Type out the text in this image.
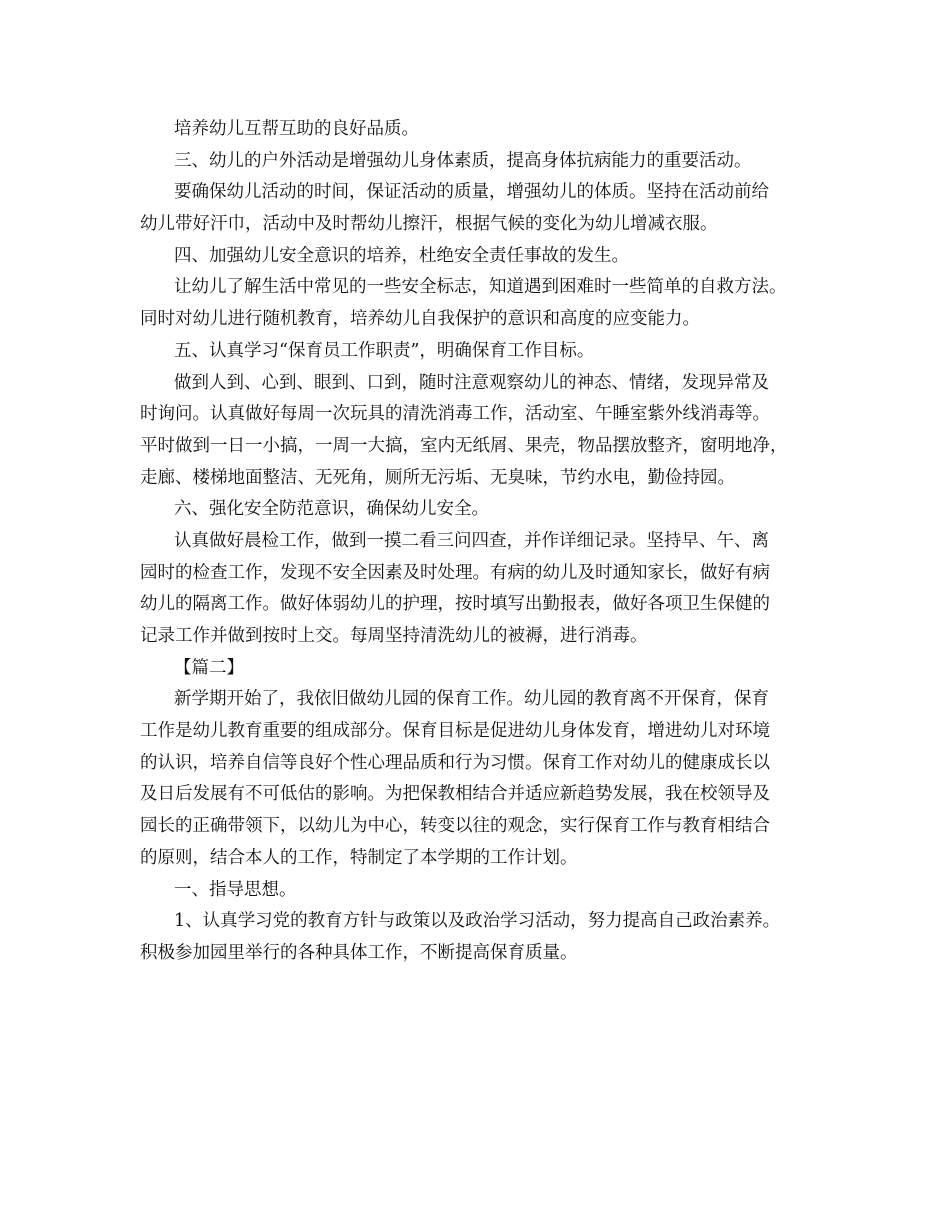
培养幼儿互帮互助的良好品质。
三、幼儿的户外活动是增强幼儿身体素质，提高身体抗病能力的重要活动。
要确保幼儿活动的时间，保证活动的质量，增强幼儿的体质。坚持在活动前给
幼儿带好汗巾，活动中及时帮幼儿擦汗，根据气候的变化为幼儿增减衣服。
四、加强幼儿安全意识的培养，杜绝安全责任事故的发生。
让幼儿了解生活中常见的一些安全标志，知道遇到困难时一些简单的自救方法。
同时对幼儿进行随机教育，培养幼儿自我保护的意识和高度的应变能力。
五、认真学习“保育员工作职责”，明确保育工作目标。
做到人到、心到、眼到、口到，随时注意观察幼儿的神态、情绪，发现异常及
时询问。认真做好每周一次玩具的清洗消毒工作，活动室、午睡室紫外线消毒等。
平时做到一日一小搞，一周一大搞，室内无纸屑、果壳，物品摆放整齐，窗明地净，
走廊、楼梯地面整洁、无死角，厕所无污垢、无臭味，节约水电，勤俭持园。
六、强化安全防范意识，确保幼儿安全。
认真做好晨检工作，做到一摸二看三问四查，并作详细记录。坚持早、午、离
园时的检查工作，发现不安全因素及时处理。有病的幼儿及时通知家长，做好有病
幼儿的隔离工作。做好体弱幼儿的护理，按时填写出勤报表，做好各项卫生保健的
记录工作并做到按时上交。每周坚持清洗幼儿的被褥，进行消毒。
【篇二】
新学期开始了，我依旧做幼儿园的保育工作。幼儿园的教育离不开保育，保育
工作是幼儿教育重要的组成部分。保育目标是促进幼儿身体发育，增进幼儿对环境
的认识，培养自信等良好个性心理品质和行为习惯。保育工作对幼儿的健康成长以
及日后发展有不可低估的影响。为把保教相结合并适应新趋势发展，我在校领导及
园长的正确带领下，以幼儿为中心，转变以往的观念，实行保育工作与教育相结合
的原则，结合本人的工作，特制定了本学期的工作计划。
一、指导思想。
1、认真学习党的教育方针与政策以及政治学习活动，努力提高自己政治素养。
积极参加园里举行的各种具体工作，不断提高保育质量。
